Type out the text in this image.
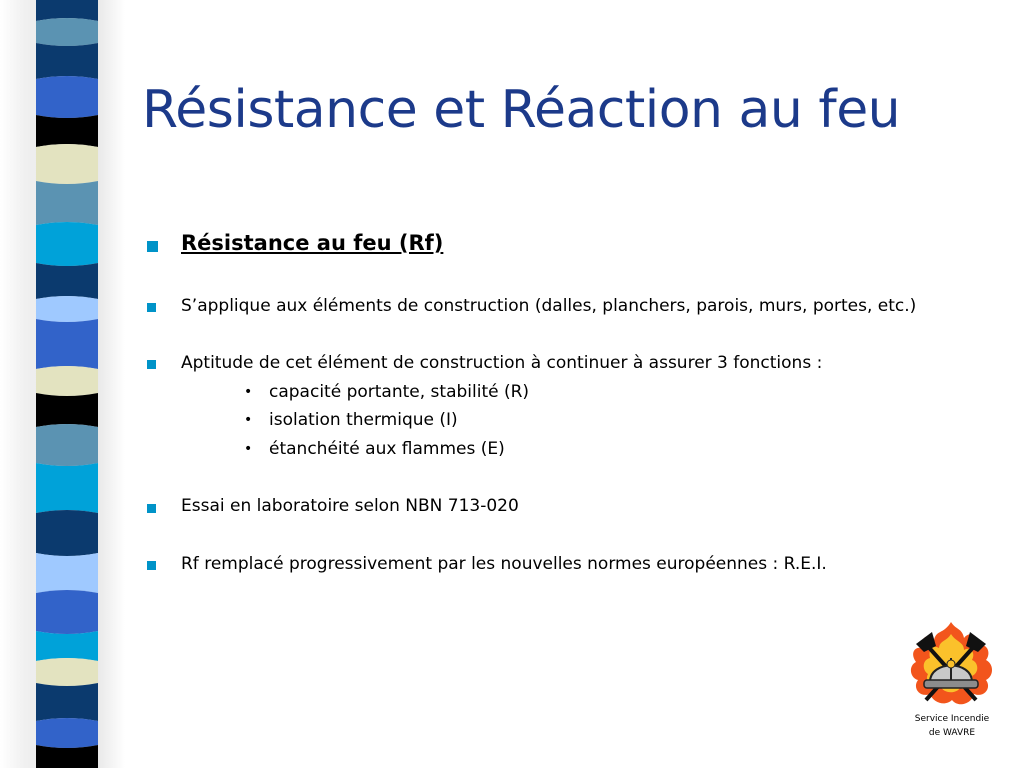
Résistance et Réaction au feu
Résistance au feu (Rf)
S’applique aux éléments de construction (dalles, planchers, parois, murs, portes, etc.)
Aptitude de cet élément de construction à continuer à assurer 3 fonctions :
• capacité portante, stabilité (R)
• isolation thermique (I)
• étanchéité aux flammes (E)
Essai en laboratoire selon NBN 713-020
Rf remplacé progressivement par les nouvelles normes européennes : R.E.I.
Service Incendie
de WAVRE
